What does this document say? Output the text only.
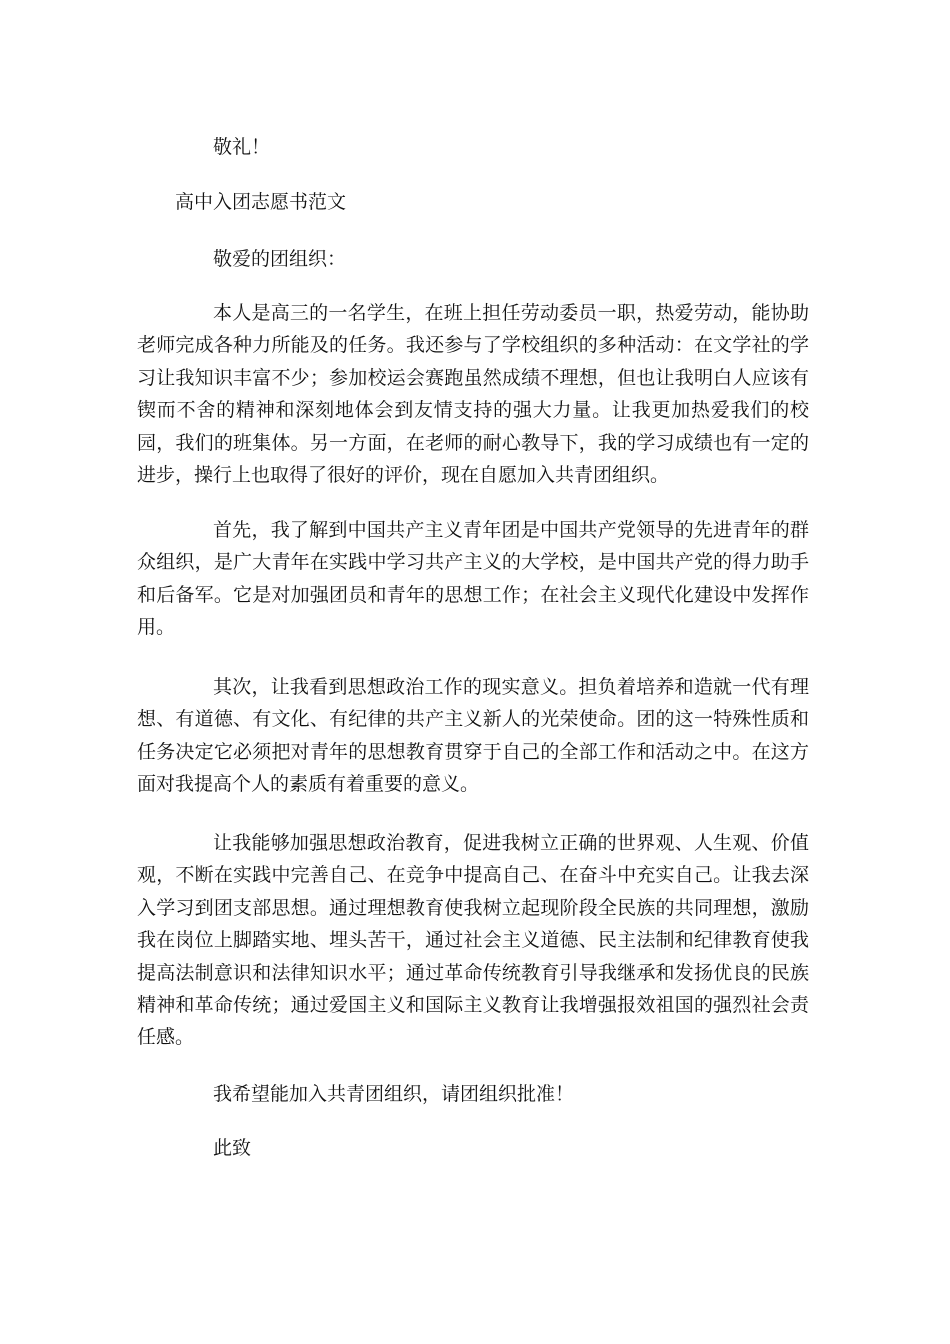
敬礼！
高中入团志愿书范文
敬爱的团组织：

本人是高三的一名学生，在班上担任劳动委员一职，热爱劳动，能协助老师完成各种力所能及的任务。我还参与了学校组织的多种活动：在文学社的学习让我知识丰富不少；参加校运会赛跑虽然成绩不理想，但也让我明白人应该有锲而不舍的精神和深刻地体会到友情支持的强大力量。让我更加热爱我们的校园，我们的班集体。另一方面，在老师的耐心教导下，我的学习成绩也有一定的进步，操行上也取得了很好的评价，现在自愿加入共青团组织。

首先，我了解到中国共产主义青年团是中国共产党领导的先进青年的群众组织，是广大青年在实践中学习共产主义的大学校，是中国共产党的得力助手和后备军。它是对加强团员和青年的思想工作；在社会主义现代化建设中发挥作用。

其次，让我看到思想政治工作的现实意义。担负着培养和造就一代有理想、有道德、有文化、有纪律的共产主义新人的光荣使命。团的这一特殊性质和任务决定它必须把对青年的思想教育贯穿于自己的全部工作和活动之中。在这方面对我提高个人的素质有着重要的意义。

让我能够加强思想政治教育，促进我树立正确的世界观、人生观、价值观，不断在实践中完善自己、在竞争中提高自己、在奋斗中充实自己。让我去深入学习到团支部思想。通过理想教育使我树立起现阶段全民族的共同理想，激励我在岗位上脚踏实地、埋头苦干，通过社会主义道德、民主法制和纪律教育使我提高法制意识和法律知识水平；通过革命传统教育引导我继承和发扬优良的民族精神和革命传统；通过爱国主义和国际主义教育让我增强报效祖国的强烈社会责任感。

我希望能加入共青团组织，请团组织批准！
此致
